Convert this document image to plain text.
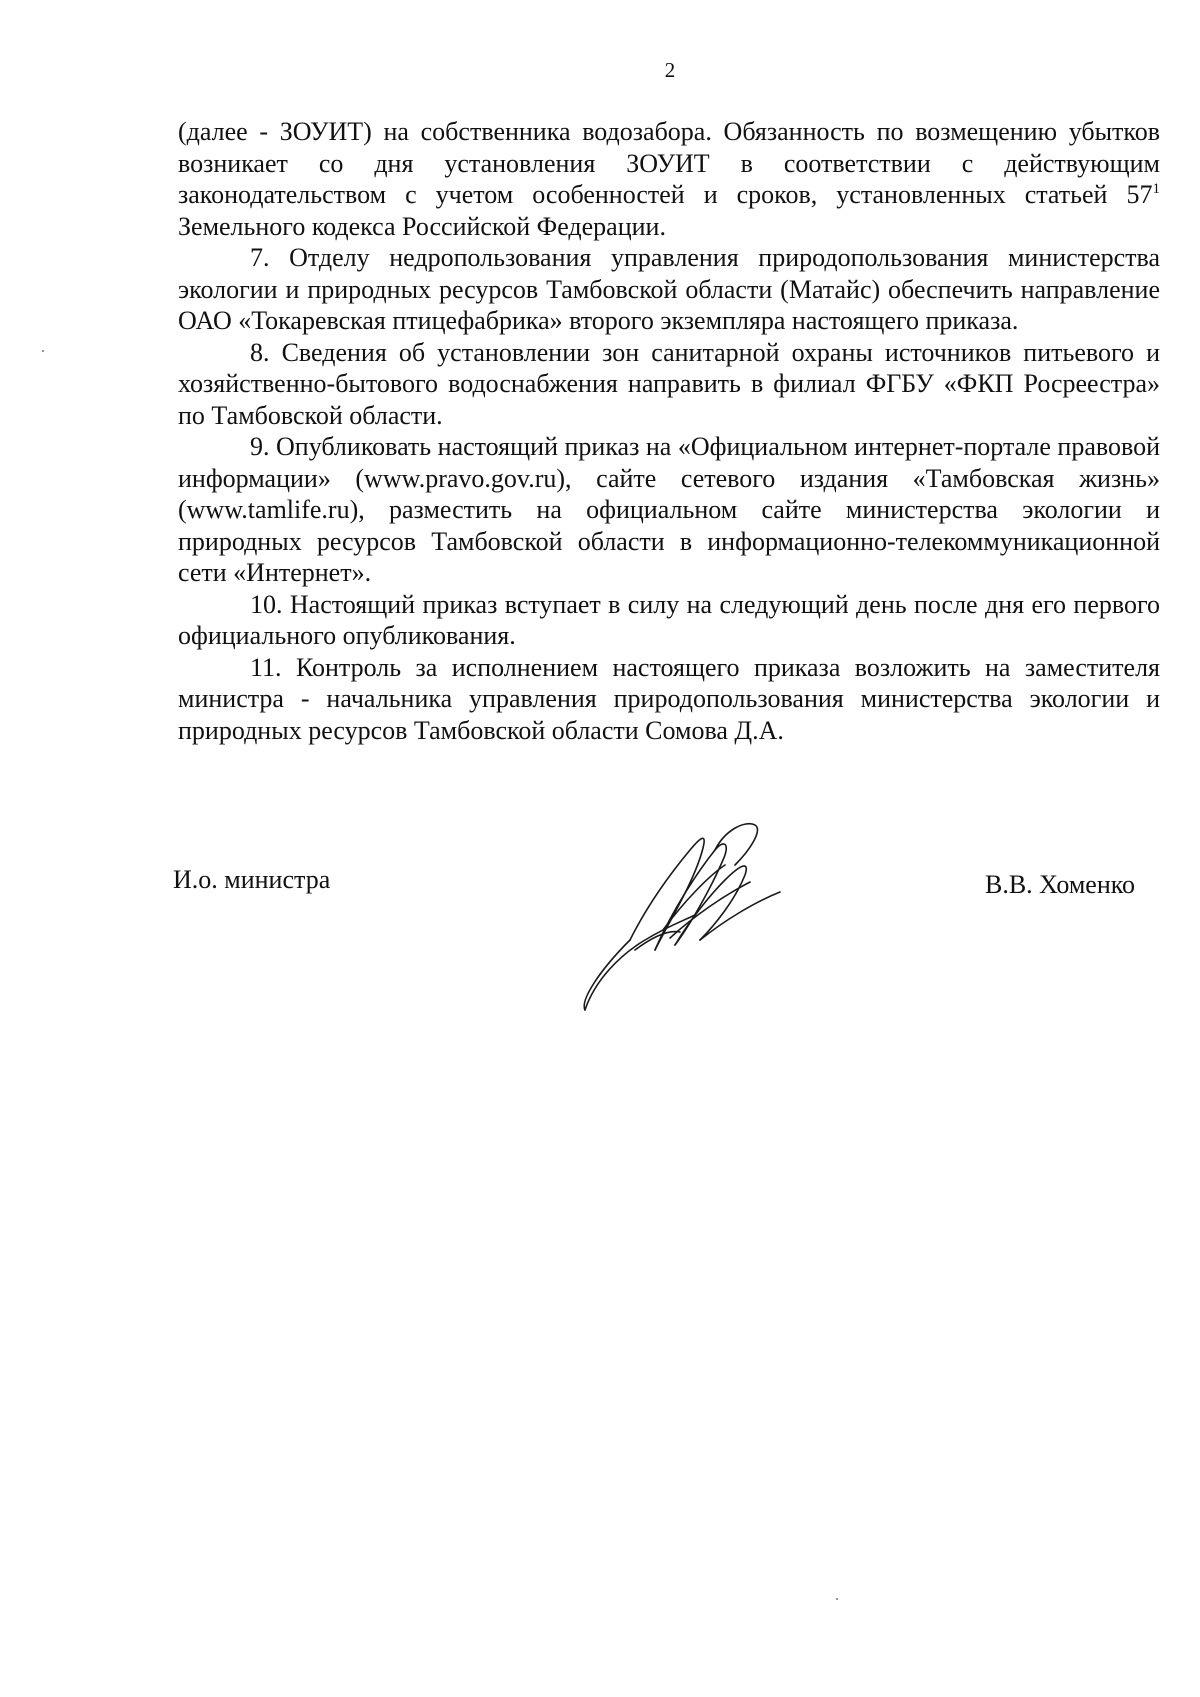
2

(далее - ЗОУИТ) на собственника водозабора. Обязанность по возмещению убытков возникает со дня установления ЗОУИТ в соответствии с действующим законодательством с учетом особенностей и сроков, установленных статьей $57^1$ Земельного кодекса Российской Федерации.

7. Отделу недропользования управления природопользования министерства экологии и природных ресурсов Тамбовской области (Матайс) обеспечить направление ОАО «Токаревская птицефабрика» второго экземпляра настоящего приказа.

8. Сведения об установлении зон санитарной охраны источников питьевого и хозяйственно-бытового водоснабжения направить в филиал ФГБУ «ФКП Росреестра» по Тамбовской области.

9. Опубликовать настоящий приказ на «Официальном интернет-портале правовой информации» (www.pravo.gov.ru), сайте сетевого издания «Тамбовская жизнь» (www.tamlife.ru), разместить на официальном сайте министерства экологии и природных ресурсов Тамбовской области в информационно-телекоммуникационной сети «Интернет».

10. Настоящий приказ вступает в силу на следующий день после дня его первого официального опубликования.

11. Контроль за исполнением настоящего приказа возложить на заместителя министра - начальника управления природопользования министерства экологии и природных ресурсов Тамбовской области Сомова Д.А.

И.о. министра	В.В. Хоменко
